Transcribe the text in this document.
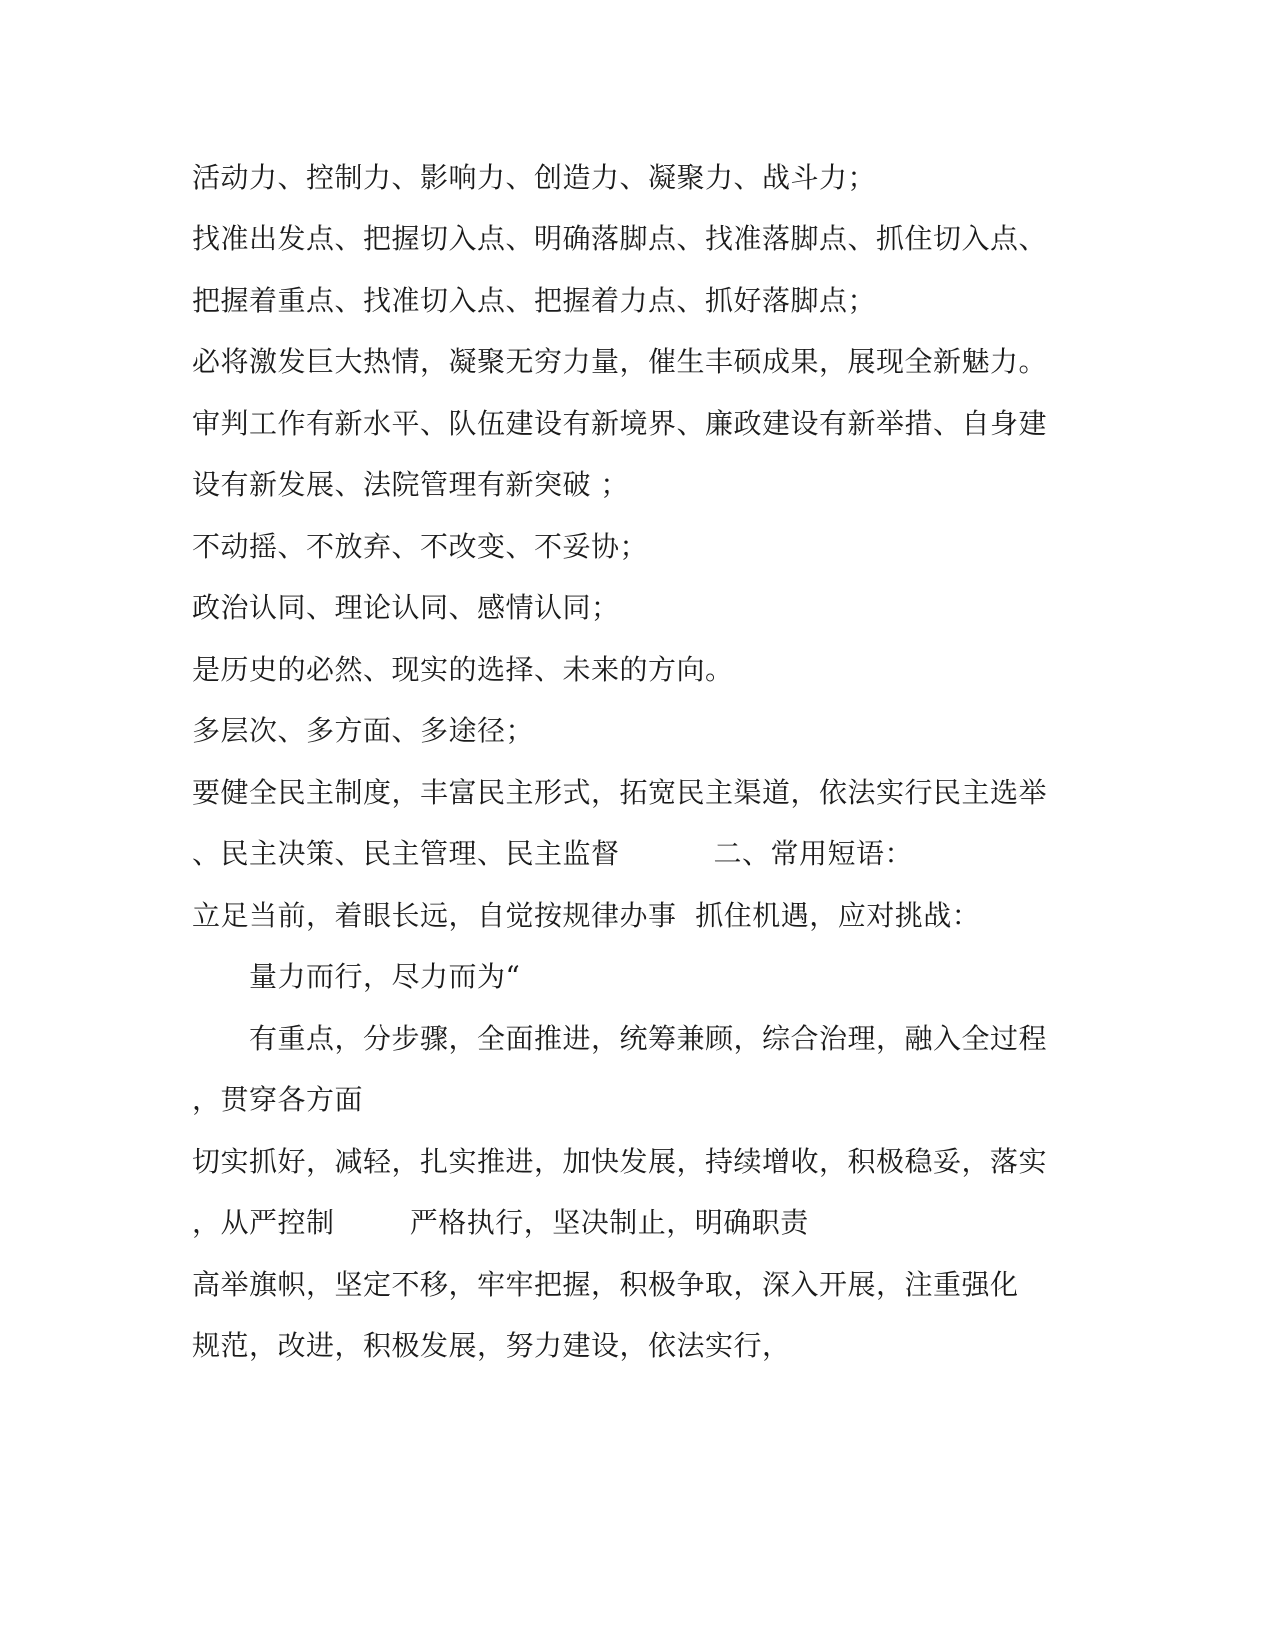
活动力、控制力、影响力、创造力、凝聚力、战斗力；
找准出发点、把握切入点、明确落脚点、找准落脚点、抓住切入点、
把握着重点、找准切入点、把握着力点、抓好落脚点；
必将激发巨大热情，凝聚无穷力量，催生丰硕成果，展现全新魅力。
审判工作有新水平、队伍建设有新境界、廉政建设有新举措、自身建
设有新发展、法院管理有新突破 ；
不动摇、不放弃、不改变、不妥协；
政治认同、理论认同、感情认同；
是历史的必然、现实的选择、未来的方向。
多层次、多方面、多途径；
要健全民主制度，丰富民主形式，拓宽民主渠道，依法实行民主选举
、民主决策、民主管理、民主监督          二、常用短语：
立足当前，着眼长远，自觉按规律办事  抓住机遇，应对挑战：
量力而行，尽力而为“
有重点，分步骤，全面推进，统筹兼顾，综合治理，融入全过程
，贯穿各方面
切实抓好，减轻，扎实推进，加快发展，持续增收，积极稳妥，落实
，从严控制        严格执行，坚决制止，明确职责
高举旗帜，坚定不移，牢牢把握，积极争取，深入开展，注重强化
规范，改进，积极发展，努力建设，依法实行，
